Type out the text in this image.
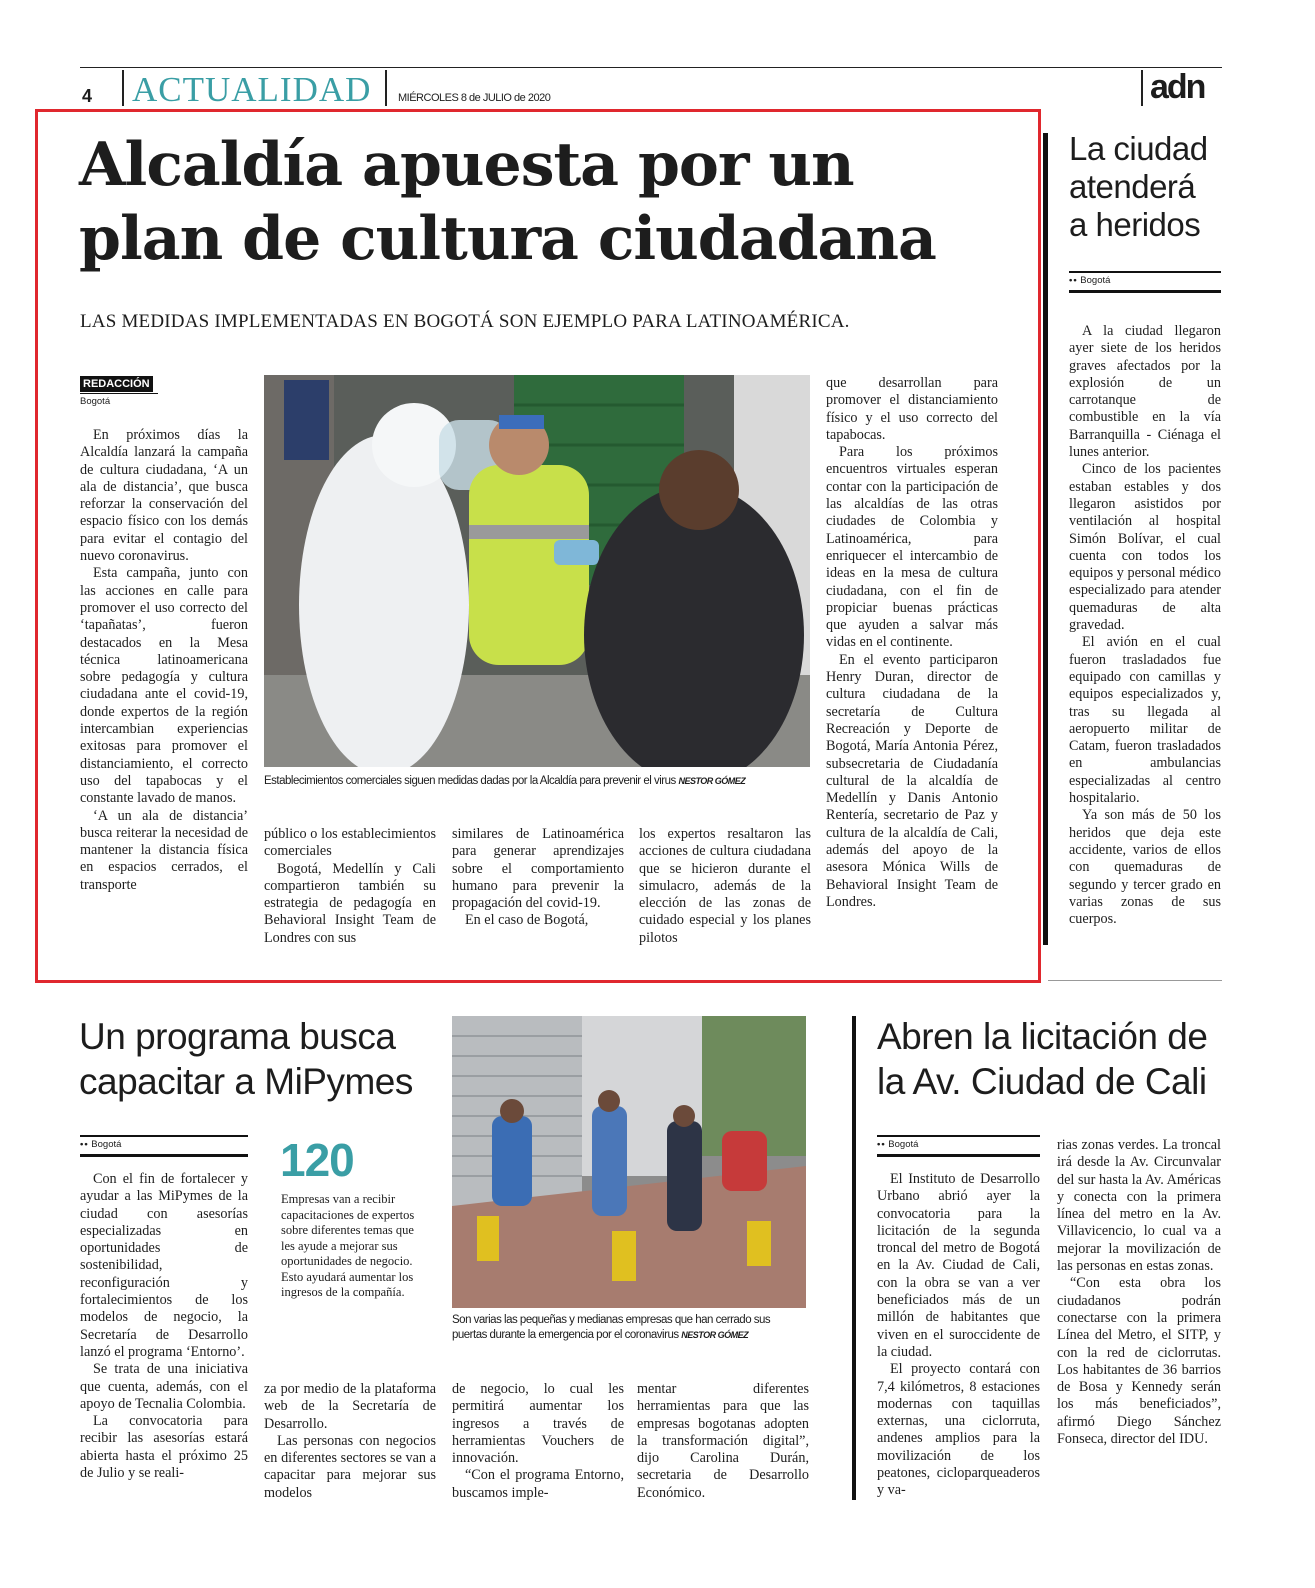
4 ACTUALIDAD MIÉRCOLES 8 de JULIO de 2020	adn
Alcaldía apuesta por un
plan de cultura ciudadana
LAS MEDIDAS IMPLEMENTADAS EN BOGOTÁ SON EJEMPLO PARA LATINOAMÉRICA.
REDACCIÓN
Bogotá

En próximos días la Alcaldía lanzará la campaña de cultura ciudadana, ‘A un ala de distancia’, que busca reforzar la conservación del espacio físico con los demás para evitar el contagio del nuevo coronavirus.

Esta campaña, junto con las acciones en calle para promover el uso correcto del ‘tapañatas’, fueron destacados en la Mesa técnica latinoamericana sobre pedagogía y cultura ciudadana ante el covid-19, donde expertos de la región intercambian experiencias exitosas para promover el distanciamiento, el correcto uso del tapabocas y el constante lavado de manos.

‘A un ala de distancia’ busca reiterar la necesidad de mantener la distancia física en espacios cerrados, el transporte

Establecimientos comerciales siguen medidas dadas por la Alcaldía para prevenir el virus NESTOR GÓMEZ

público o los establecimientos comerciales

Bogotá, Medellín y Cali compartieron también su estrategia de pedagogía en Behavioral Insight Team de Londres con sus

similares de Latinoamérica para generar aprendizajes sobre el comportamiento humano para prevenir la propagación del covid-19.

En el caso de Bogotá,

los expertos resaltaron las acciones de cultura ciudadana que se hicieron durante el simulacro, además de la elección de las zonas de cuidado especial y los planes pilotos

que desarrollan para promover el distanciamiento físico y el uso correcto del tapabocas.

Para los próximos encuentros virtuales esperan contar con la participación de las alcaldías de las otras ciudades de Colombia y Latinoamérica, para enriquecer el intercambio de ideas en la mesa de cultura ciudadana, con el fin de propiciar buenas prácticas que ayuden a salvar más vidas en el continente.

En el evento participaron Henry Duran, director de cultura ciudadana de la secretaría de Cultura Recreación y Deporte de Bogotá, María Antonia Pérez, subsecretaria de Ciudadanía cultural de la alcaldía de Medellín y Danis Antonio Rentería, secretario de Paz y cultura de la alcaldía de Cali, además del apoyo de la asesora Mónica Wills de Behavioral Insight Team de Londres.

La ciudad atenderá a heridos
•• Bogotá

A la ciudad llegaron ayer siete de los heridos graves afectados por la explosión de un carrotanque de combustible en la vía Barranquilla - Ciénaga el lunes anterior.

Cinco de los pacientes estaban estables y dos llegaron asistidos por ventilación al hospital Simón Bolívar, el cual cuenta con todos los equipos y personal médico especializado para atender quemaduras de alta gravedad.

El avión en el cual fueron trasladados fue equipado con camillas y equipos especializados y, tras su llegada al aeropuerto militar de Catam, fueron trasladados en ambulancias especializadas al centro hospitalario.

Ya son más de 50 los heridos que deja este accidente, varios de ellos con quemaduras de segundo y tercer grado en varias zonas de sus cuerpos.

Un programa busca capacitar a MiPymes
•• Bogotá

Con el fin de fortalecer y ayudar a las MiPymes de la ciudad con asesorías especializadas en oportunidades de sostenibilidad, reconfiguración y fortalecimientos de los modelos de negocio, la Secretaría de Desarrollo lanzó el programa ‘Entorno’.

Se trata de una iniciativa que cuenta, además, con el apoyo de Tecnalia Colombia.

La convocatoria para recibir las asesorías estará abierta hasta el próximo 25 de Julio y se reali-

120
Empresas van a recibir capacitaciones de expertos sobre diferentes temas que les ayude a mejorar sus oportunidades de negocio. Esto ayudará aumentar los ingresos de la compañía.
Son varias las pequeñas y medianas empresas que han cerrado sus puertas durante la emergencia por el coronavirus NESTOR GÓMEZ

za por medio de la plataforma web de la Secretaría de Desarrollo.

Las personas con negocios en diferentes sectores se van a capacitar para mejorar sus modelos

de negocio, lo cual les permitirá aumentar los ingresos a través de herramientas Vouchers de innovación.

“Con el programa Entorno, buscamos imple-

mentar diferentes herramientas para que las empresas bogotanas adopten la transformación digital”, dijo Carolina Durán, secretaria de Desarrollo Económico.

Abren la licitación de la Av. Ciudad de Cali
•• Bogotá

El Instituto de Desarrollo Urbano abrió ayer la convocatoria para la licitación de la segunda troncal del metro de Bogotá en la Av. Ciudad de Cali, con la obra se van a ver beneficiados más de un millón de habitantes que viven en el suroccidente de la ciudad.

El proyecto contará con 7,4 kilómetros, 8 estaciones modernas con taquillas externas, una ciclorruta, andenes amplios para la movilización de los peatones, cicloparqueaderos y va-

rias zonas verdes. La troncal irá desde la Av. Circunvalar del sur hasta la Av. Américas y conecta con la primera línea del metro en la Av. Villavicencio, lo cual va a mejorar la movilización de las personas en estas zonas.

“Con esta obra los ciudadanos podrán conectarse con la primera Línea del Metro, el SITP, y con la red de ciclorrutas. Los habitantes de 36 barrios de Bosa y Kennedy serán los más beneficiados”, afirmó Diego Sánchez Fonseca, director del IDU.
